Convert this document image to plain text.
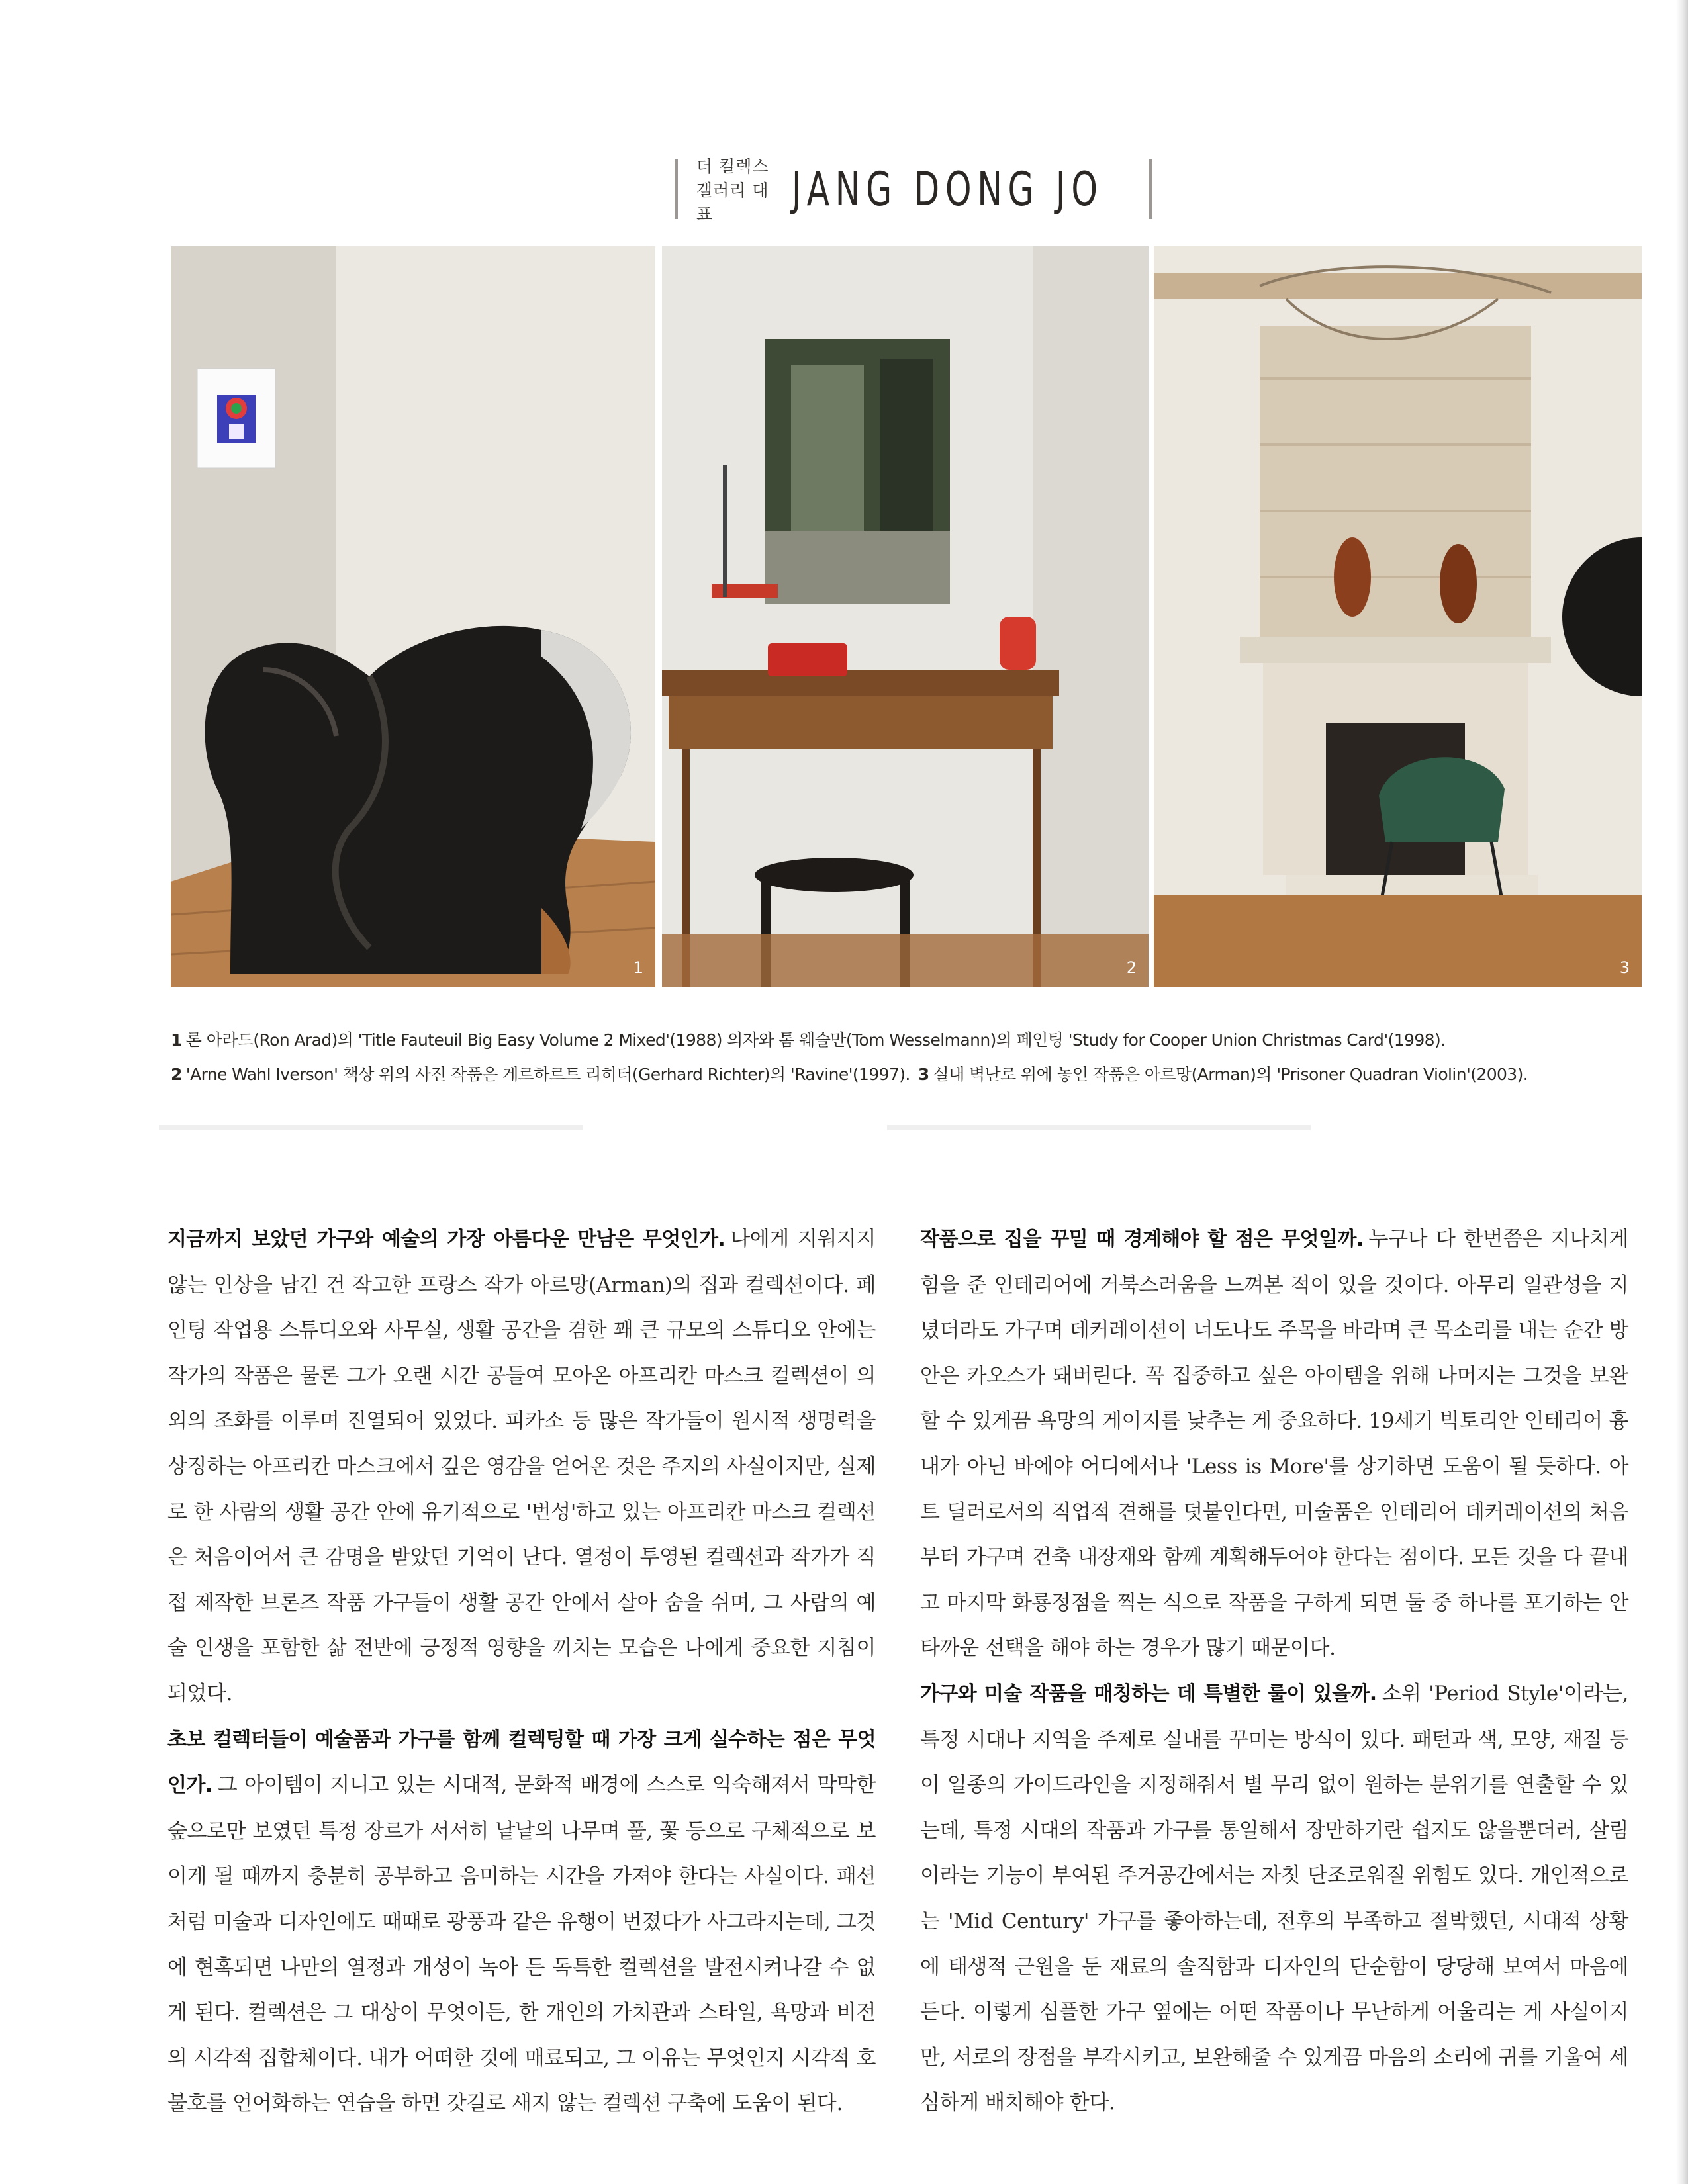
더 컬렉스 갤러리 대표	JANG DONG JO
1	2	3
1 론 아라드(Ron Arad)의 'Title Fauteuil Big Easy Volume 2 Mixed'(1988) 의자와 톰 웨슬만(Tom Wesselmann)의 페인팅 'Study for Cooper Union Christmas Card'(1998).
2 'Arne Wahl Iverson' 책상 위의 사진 작품은 게르하르트 리히터(Gerhard Richter)의 'Ravine'(1997). 3 실내 벽난로 위에 놓인 작품은 아르망(Arman)의 'Prisoner Quadran Violin'(2003).

지금까지 보았던 가구와 예술의 가장 아름다운 만남은 무엇인가. 나에게 지워지지 않는 인상을 남긴 건 작고한 프랑스 작가 아르망(Arman)의 집과 컬렉션이다. 페인팅 작업용 스튜디오와 사무실, 생활 공간을 겸한 꽤 큰 규모의 스튜디오 안에는 작가의 작품은 물론 그가 오랜 시간 공들여 모아온 아프리칸 마스크 컬렉션이 의외의 조화를 이루며 진열되어 있었다. 피카소 등 많은 작가들이 원시적 생명력을 상징하는 아프리칸 마스크에서 깊은 영감을 얻어온 것은 주지의 사실이지만, 실제로 한 사람의 생활 공간 안에 유기적으로 '번성'하고 있는 아프리칸 마스크 컬렉션은 처음이어서 큰 감명을 받았던 기억이 난다. 열정이 투영된 컬렉션과 작가가 직접 제작한 브론즈 작품 가구들이 생활 공간 안에서 살아 숨을 쉬며, 그 사람의 예술 인생을 포함한 삶 전반에 긍정적 영향을 끼치는 모습은 나에게 중요한 지침이 되었다.

초보 컬렉터들이 예술품과 가구를 함께 컬렉팅할 때 가장 크게 실수하는 점은 무엇인가. 그 아이템이 지니고 있는 시대적, 문화적 배경에 스스로 익숙해져서 막막한 숲으로만 보였던 특정 장르가 서서히 낱낱의 나무며 풀, 꽃 등으로 구체적으로 보이게 될 때까지 충분히 공부하고 음미하는 시간을 가져야 한다는 사실이다. 패션처럼 미술과 디자인에도 때때로 광풍과 같은 유행이 번졌다가 사그라지는데, 그것에 현혹되면 나만의 열정과 개성이 녹아 든 독특한 컬렉션을 발전시켜나갈 수 없게 된다. 컬렉션은 그 대상이 무엇이든, 한 개인의 가치관과 스타일, 욕망과 비전의 시각적 집합체이다. 내가 어떠한 것에 매료되고, 그 이유는 무엇인지 시각적 호불호를 언어화하는 연습을 하면 갓길로 새지 않는 컬렉션 구축에 도움이 된다.

작품으로 집을 꾸밀 때 경계해야 할 점은 무엇일까. 누구나 다 한번쯤은 지나치게 힘을 준 인테리어에 거북스러움을 느껴본 적이 있을 것이다. 아무리 일관성을 지녔더라도 가구며 데커레이션이 너도나도 주목을 바라며 큰 목소리를 내는 순간 방 안은 카오스가 돼버린다. 꼭 집중하고 싶은 아이템을 위해 나머지는 그것을 보완할 수 있게끔 욕망의 게이지를 낮추는 게 중요하다. 19세기 빅토리안 인테리어 흉내가 아닌 바에야 어디에서나 'Less is More'를 상기하면 도움이 될 듯하다. 아트 딜러로서의 직업적 견해를 덧붙인다면, 미술품은 인테리어 데커레이션의 처음부터 가구며 건축 내장재와 함께 계획해두어야 한다는 점이다. 모든 것을 다 끝내고 마지막 화룡정점을 찍는 식으로 작품을 구하게 되면 둘 중 하나를 포기하는 안타까운 선택을 해야 하는 경우가 많기 때문이다.

가구와 미술 작품을 매칭하는 데 특별한 룰이 있을까. 소위 'Period Style'이라는, 특정 시대나 지역을 주제로 실내를 꾸미는 방식이 있다. 패턴과 색, 모양, 재질 등이 일종의 가이드라인을 지정해줘서 별 무리 없이 원하는 분위기를 연출할 수 있는데, 특정 시대의 작품과 가구를 통일해서 장만하기란 쉽지도 않을뿐더러, 살림이라는 기능이 부여된 주거공간에서는 자칫 단조로워질 위험도 있다. 개인적으로는 'Mid Century' 가구를 좋아하는데, 전후의 부족하고 절박했던, 시대적 상황에 태생적 근원을 둔 재료의 솔직함과 디자인의 단순함이 당당해 보여서 마음에 든다. 이렇게 심플한 가구 옆에는 어떤 작품이나 무난하게 어울리는 게 사실이지만, 서로의 장점을 부각시키고, 보완해줄 수 있게끔 마음의 소리에 귀를 기울여 세심하게 배치해야 한다.
